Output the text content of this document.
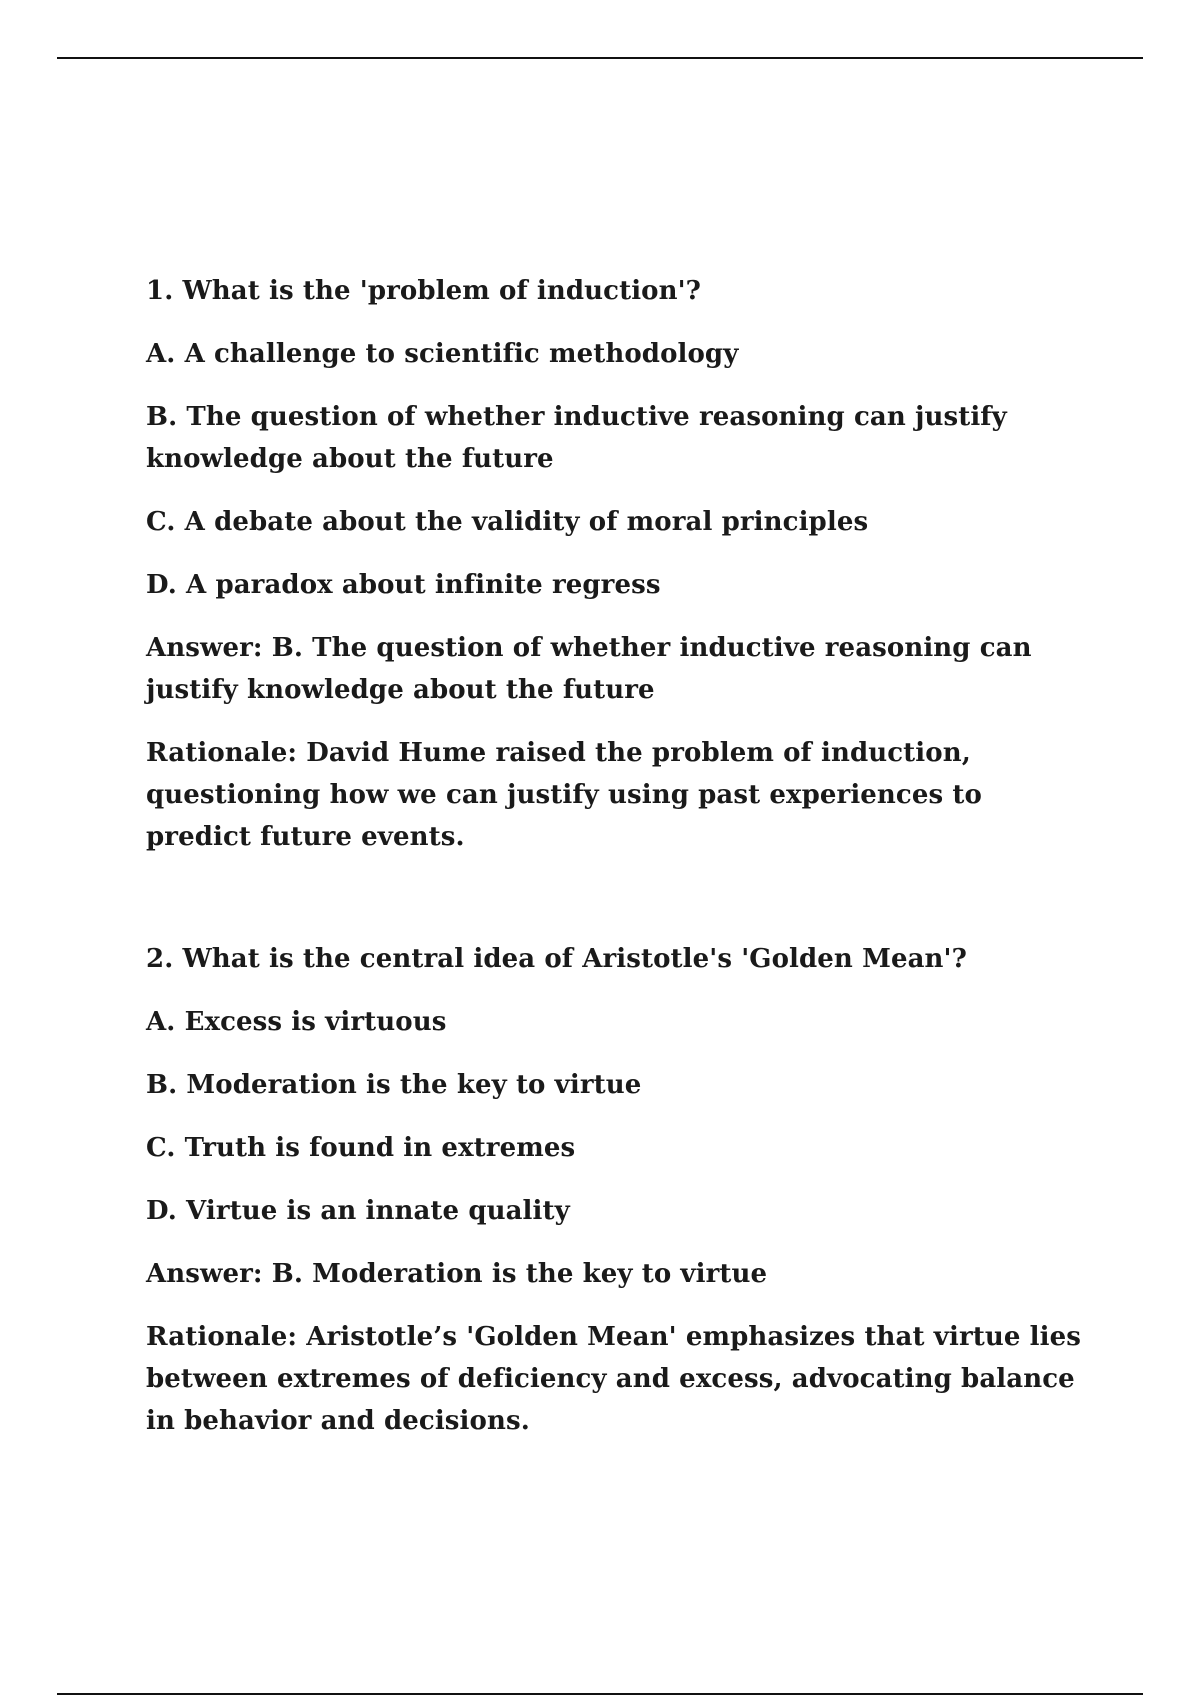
1. What is the 'problem of induction'?

A. A challenge to scientific methodology

B. The question of whether inductive reasoning can justify knowledge about the future

C. A debate about the validity of moral principles

D. A paradox about infinite regress

Answer: B. The question of whether inductive reasoning can justify knowledge about the future

Rationale: David Hume raised the problem of induction, questioning how we can justify using past experiences to predict future events.

2. What is the central idea of Aristotle's 'Golden Mean'?

A. Excess is virtuous

B. Moderation is the key to virtue

C. Truth is found in extremes

D. Virtue is an innate quality

Answer: B. Moderation is the key to virtue

Rationale: Aristotle’s 'Golden Mean' emphasizes that virtue lies between extremes of deficiency and excess, advocating balance in behavior and decisions.
